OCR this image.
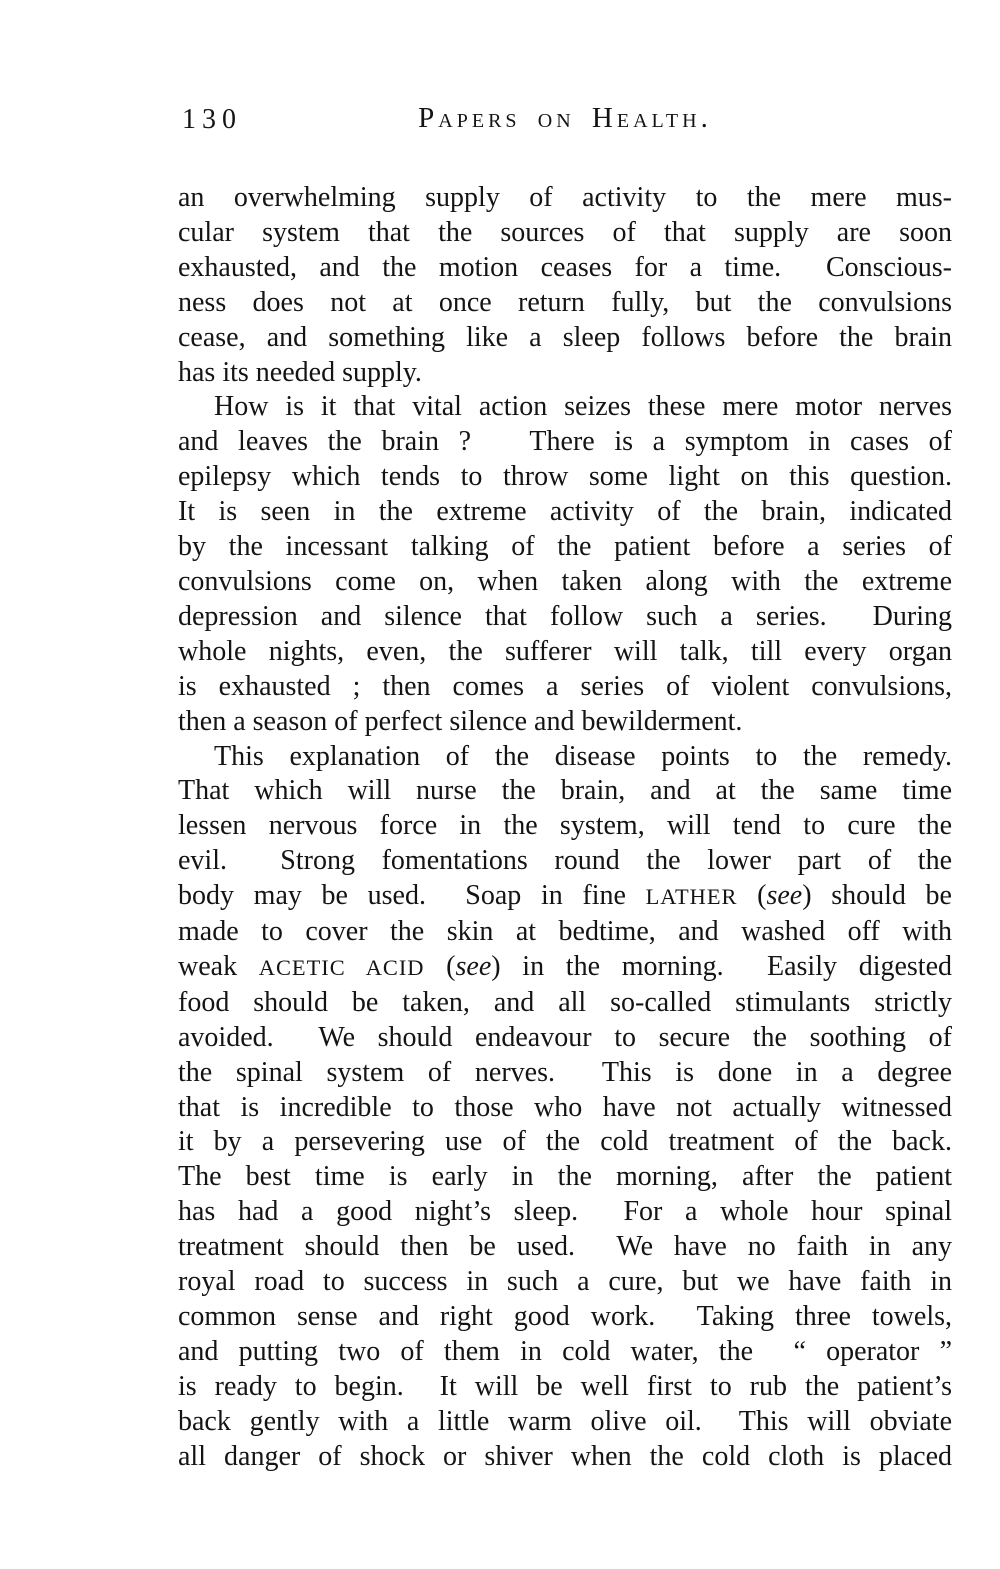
130	Papers on Health.
an overwhelming supply of activity to the mere mus-
cular system that the sources of that supply are soon
exhausted, and the motion ceases for a time.  Conscious-
ness does not at once return fully, but the convulsions
cease, and something like a sleep follows before the brain
has its needed supply.
How is it that vital action seizes these mere motor nerves
and leaves the brain ?   There is a symptom in cases of
epilepsy which tends to throw some light on this question.
It is seen in the extreme activity of the brain, indicated
by the incessant talking of the patient before a series of
convulsions come on, when taken along with the extreme
depression and silence that follow such a series.  During
whole nights, even, the sufferer will talk, till every organ
is exhausted ; then comes a series of violent convulsions,
then a season of perfect silence and bewilderment.
This explanation of the disease points to the remedy.
That which will nurse the brain, and at the same time
lessen nervous force in the system, will tend to cure the
evil.  Strong fomentations round the lower part of the
body may be used.  Soap in fine LATHER (see) should be
made to cover the skin at bedtime, and washed off with
weak ACETIC ACID (see) in the morning.  Easily digested
food should be taken, and all so-called stimulants strictly
avoided.  We should endeavour to secure the soothing of
the spinal system of nerves.  This is done in a degree
that is incredible to those who have not actually witnessed
it by a persevering use of the cold treatment of the back.
The best time is early in the morning, after the patient
has had a good night’s sleep.  For a whole hour spinal
treatment should then be used.  We have no faith in any
royal road to success in such a cure, but we have faith in
common sense and right good work.  Taking three towels,
and putting two of them in cold water, the  “ operator ”
is ready to begin.  It will be well first to rub the patient’s
back gently with a little warm olive oil.  This will obviate
all danger of shock or shiver when the cold cloth is placed
